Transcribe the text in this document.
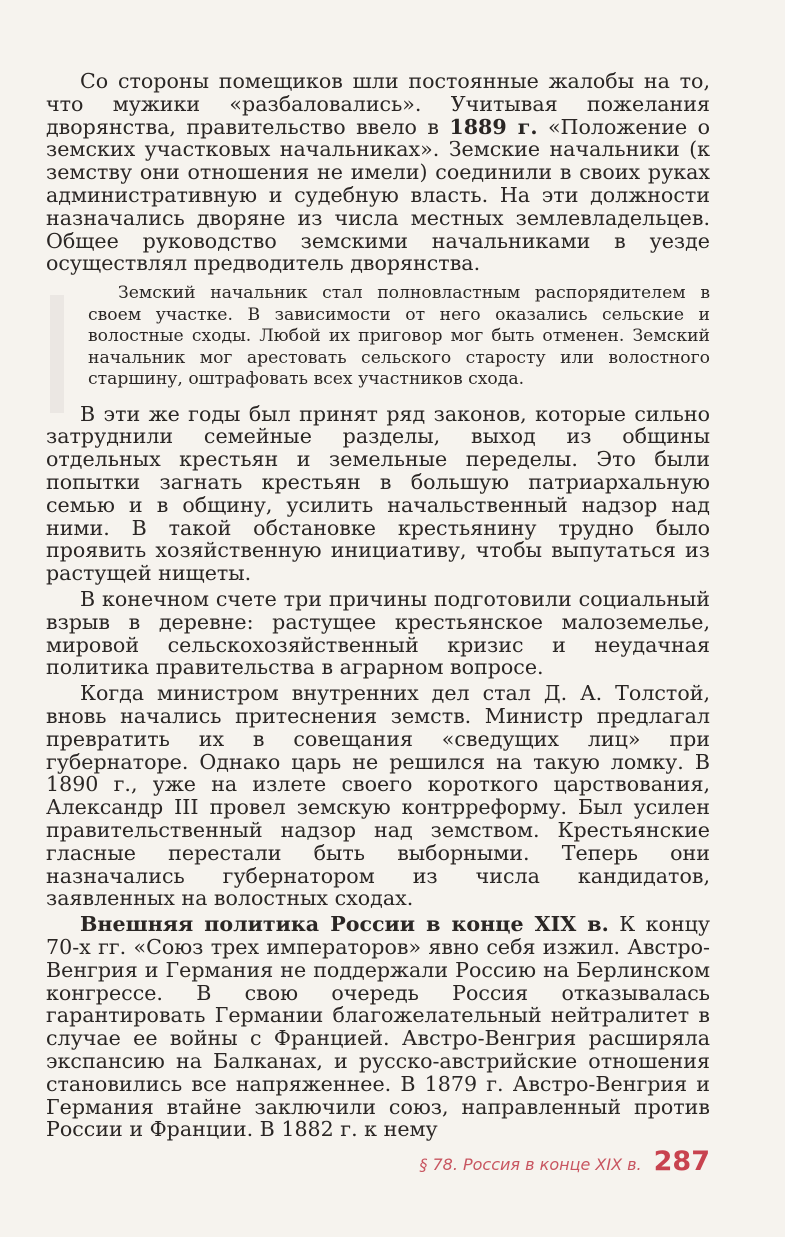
Со стороны помещиков шли постоянные жалобы на то, что мужики «разбаловались». Учитывая пожелания дворянства, правительство ввело в 1889 г. «Положение о земских участковых начальниках». Земские начальники (к земству они отношения не имели) соединили в своих руках административную и судебную власть. На эти должности назначались дворяне из числа местных землевладельцев. Общее руководство земскими начальниками в уезде осуществлял предводитель дворянства.

Земский начальник стал полновластным распорядителем в своем участке. В зависимости от него оказались сельские и волостные сходы. Любой их приговор мог быть отменен. Земский начальник мог арестовать сельского старосту или волостного старшину, оштрафовать всех участников схода.

В эти же годы был принят ряд законов, которые сильно затруднили семейные разделы, выход из общины отдельных крестьян и земельные переделы. Это были попытки загнать крестьян в большую патриархальную семью и в общину, усилить начальственный надзор над ними. В такой обстановке крестьянину трудно было проявить хозяйственную инициативу, чтобы выпутаться из растущей нищеты.

В конечном счете три причины подготовили социальный взрыв в деревне: растущее крестьянское малоземелье, мировой сельскохозяйственный кризис и неудачная политика правительства в аграрном вопросе.

Когда министром внутренних дел стал Д. А. Толстой, вновь начались притеснения земств. Министр предлагал превратить их в совещания «сведущих лиц» при губернаторе. Однако царь не решился на такую ломку. В 1890 г., уже на излете своего короткого царствования, Александр III провел земскую контрреформу. Был усилен правительственный надзор над земством. Крестьянские гласные перестали быть выборными. Теперь они назначались губернатором из числа кандидатов, заявленных на волостных сходах.

Внешняя политика России в конце XIX в. К концу 70-х гг. «Союз трех императоров» явно себя изжил. Австро-Венгрия и Германия не поддержали Россию на Берлинском конгрессе. В свою очередь Россия отказывалась гарантировать Германии благожелательный нейтралитет в случае ее войны с Францией. Австро-Венгрия расширяла экспансию на Балканах, и русско-австрийские отношения становились все напряженнее. В 1879 г. Австро-Венгрия и Германия втайне заключили союз, направленный против России и Франции. В 1882 г. к нему

§ 78. Россия в конце XIX в. 287
